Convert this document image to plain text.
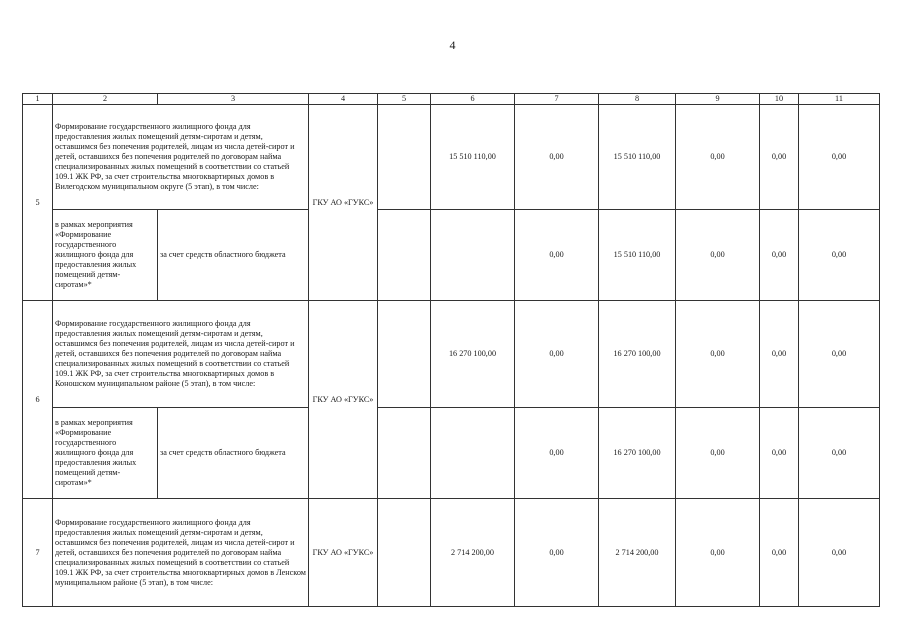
4
1	2	3	4	5	6	7	8	9	10	11
5	Формирование государственного жилищного фонда для предоставления жилых помещений детям-сиротам и детям, оставшимся без попечения родителей, лицам из числа детей-сирот и детей, оставшихся без попечения родителей по договорам найма специализированных жилых помещений в соответствии со статьей 109.1 ЖК РФ, за счет строительства многоквартирных домов в Вилегодском муниципальном округе (5 этап), в том числе:		ГКУ АО «ГУКС»		15 510 110,00	0,00	15 510 110,00	0,00	0,00	0,00
	в рамках мероприятия «Формирование государственного жилищного фонда для предоставления жилых помещений детям-сиротам»*	за счет средств областного бюджета				0,00	15 510 110,00	0,00	0,00	0,00
6	Формирование государственного жилищного фонда для предоставления жилых помещений детям-сиротам и детям, оставшимся без попечения родителей, лицам из числа детей-сирот и детей, оставшихся без попечения родителей по договорам найма специализированных жилых помещений в соответствии со статьей 109.1 ЖК РФ, за счет строительства многоквартирных домов в Коношском муниципальном районе (5 этап), в том числе:		ГКУ АО «ГУКС»		16 270 100,00	0,00	16 270 100,00	0,00	0,00	0,00
	в рамках мероприятия «Формирование государственного жилищного фонда для предоставления жилых помещений детям-сиротам»*	за счет средств областного бюджета				0,00	16 270 100,00	0,00	0,00	0,00
7	Формирование государственного жилищного фонда для предоставления жилых помещений детям-сиротам и детям, оставшимся без попечения родителей, лицам из числа детей-сирот и детей, оставшихся без попечения родителей по договорам найма специализированных жилых помещений в соответствии со статьей 109.1 ЖК РФ, за счет строительства многоквартирных домов в Ленском муниципальном районе (5 этап), в том числе:		ГКУ АО «ГУКС»		2 714 200,00	0,00	2 714 200,00	0,00	0,00	0,00
